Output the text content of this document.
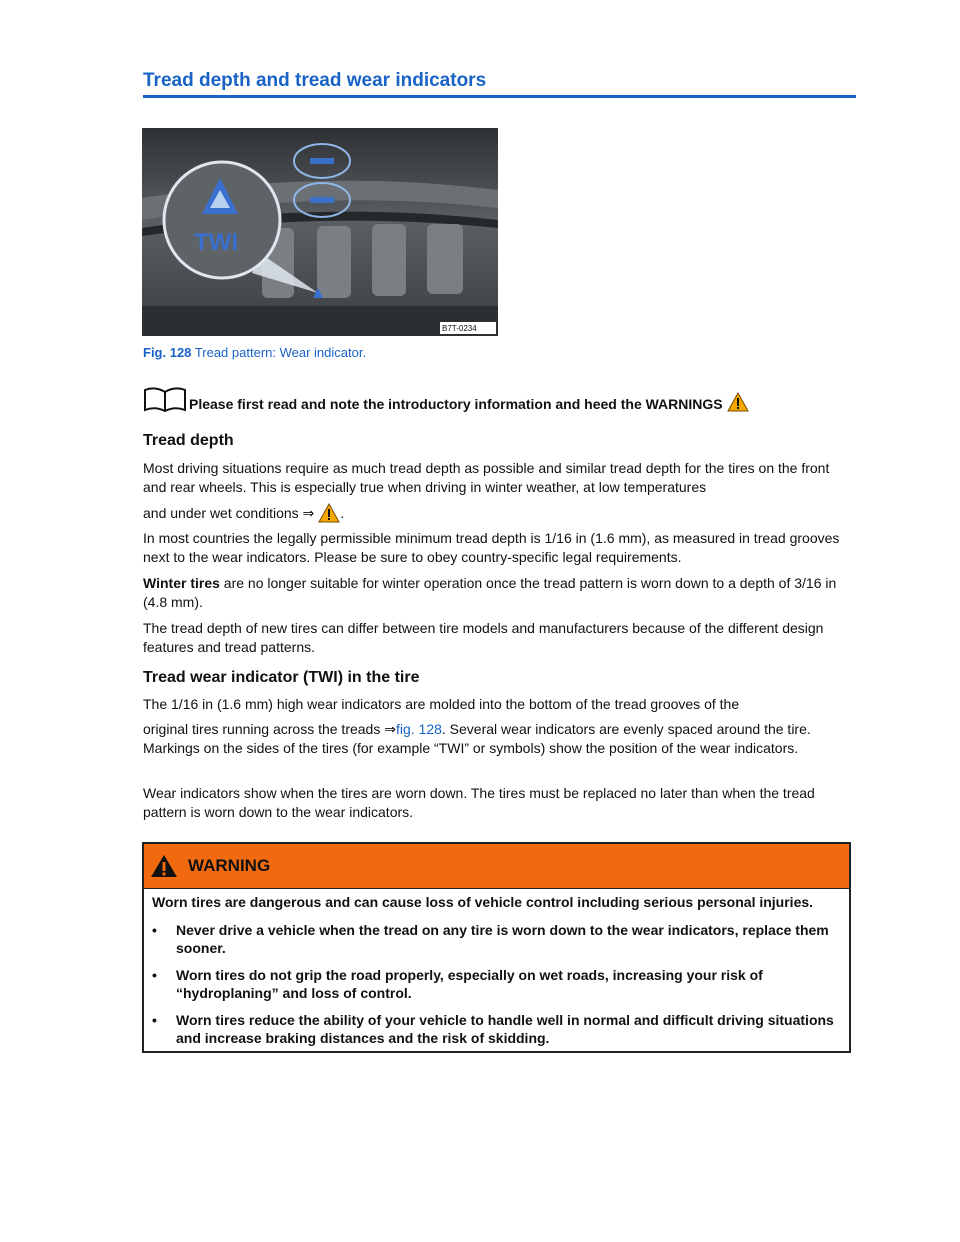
Tread depth and tread wear indicators
TWI
B7T-0234
Fig. 128 Tread pattern: Wear indicator.
Please first read and note the introductory information and heed the WARNINGS
Tread depth

Most driving situations require as much tread depth as possible and similar tread depth for the tires on the front and rear wheels. This is especially true when driving in winter weather, at low temperatures

and under wet conditions ⇒ .

In most countries the legally permissible minimum tread depth is 1/16 in (1.6 mm), as measured in tread grooves next to the wear indicators. Please be sure to obey country-specific legal requirements.

Winter tires are no longer suitable for winter operation once the tread pattern is worn down to a depth of 3/16 in (4.8 mm).

The tread depth of new tires can differ between tire models and manufacturers because of the different design features and tread patterns.

Tread wear indicator (TWI) in the tire

The 1/16 in (1.6 mm) high wear indicators are molded into the bottom of the tread grooves of the

original tires running across the treads ⇒fig. 128. Several wear indicators are evenly spaced around the tire. Markings on the sides of the tires (for example “TWI” or symbols) show the position of the wear indicators.

Wear indicators show when the tires are worn down. The tires must be replaced no later than when the tread pattern is worn down to the wear indicators.

WARNING

Worn tires are dangerous and can cause loss of vehicle control including serious personal injuries.

•	Never drive a vehicle when the tread on any tire is worn down to the wear indicators, replace them sooner.
•	Worn tires do not grip the road properly, especially on wet roads, increasing your risk of “hydroplaning” and loss of control.
•	Worn tires reduce the ability of your vehicle to handle well in normal and difficult driving situations and increase braking distances and the risk of skidding.
